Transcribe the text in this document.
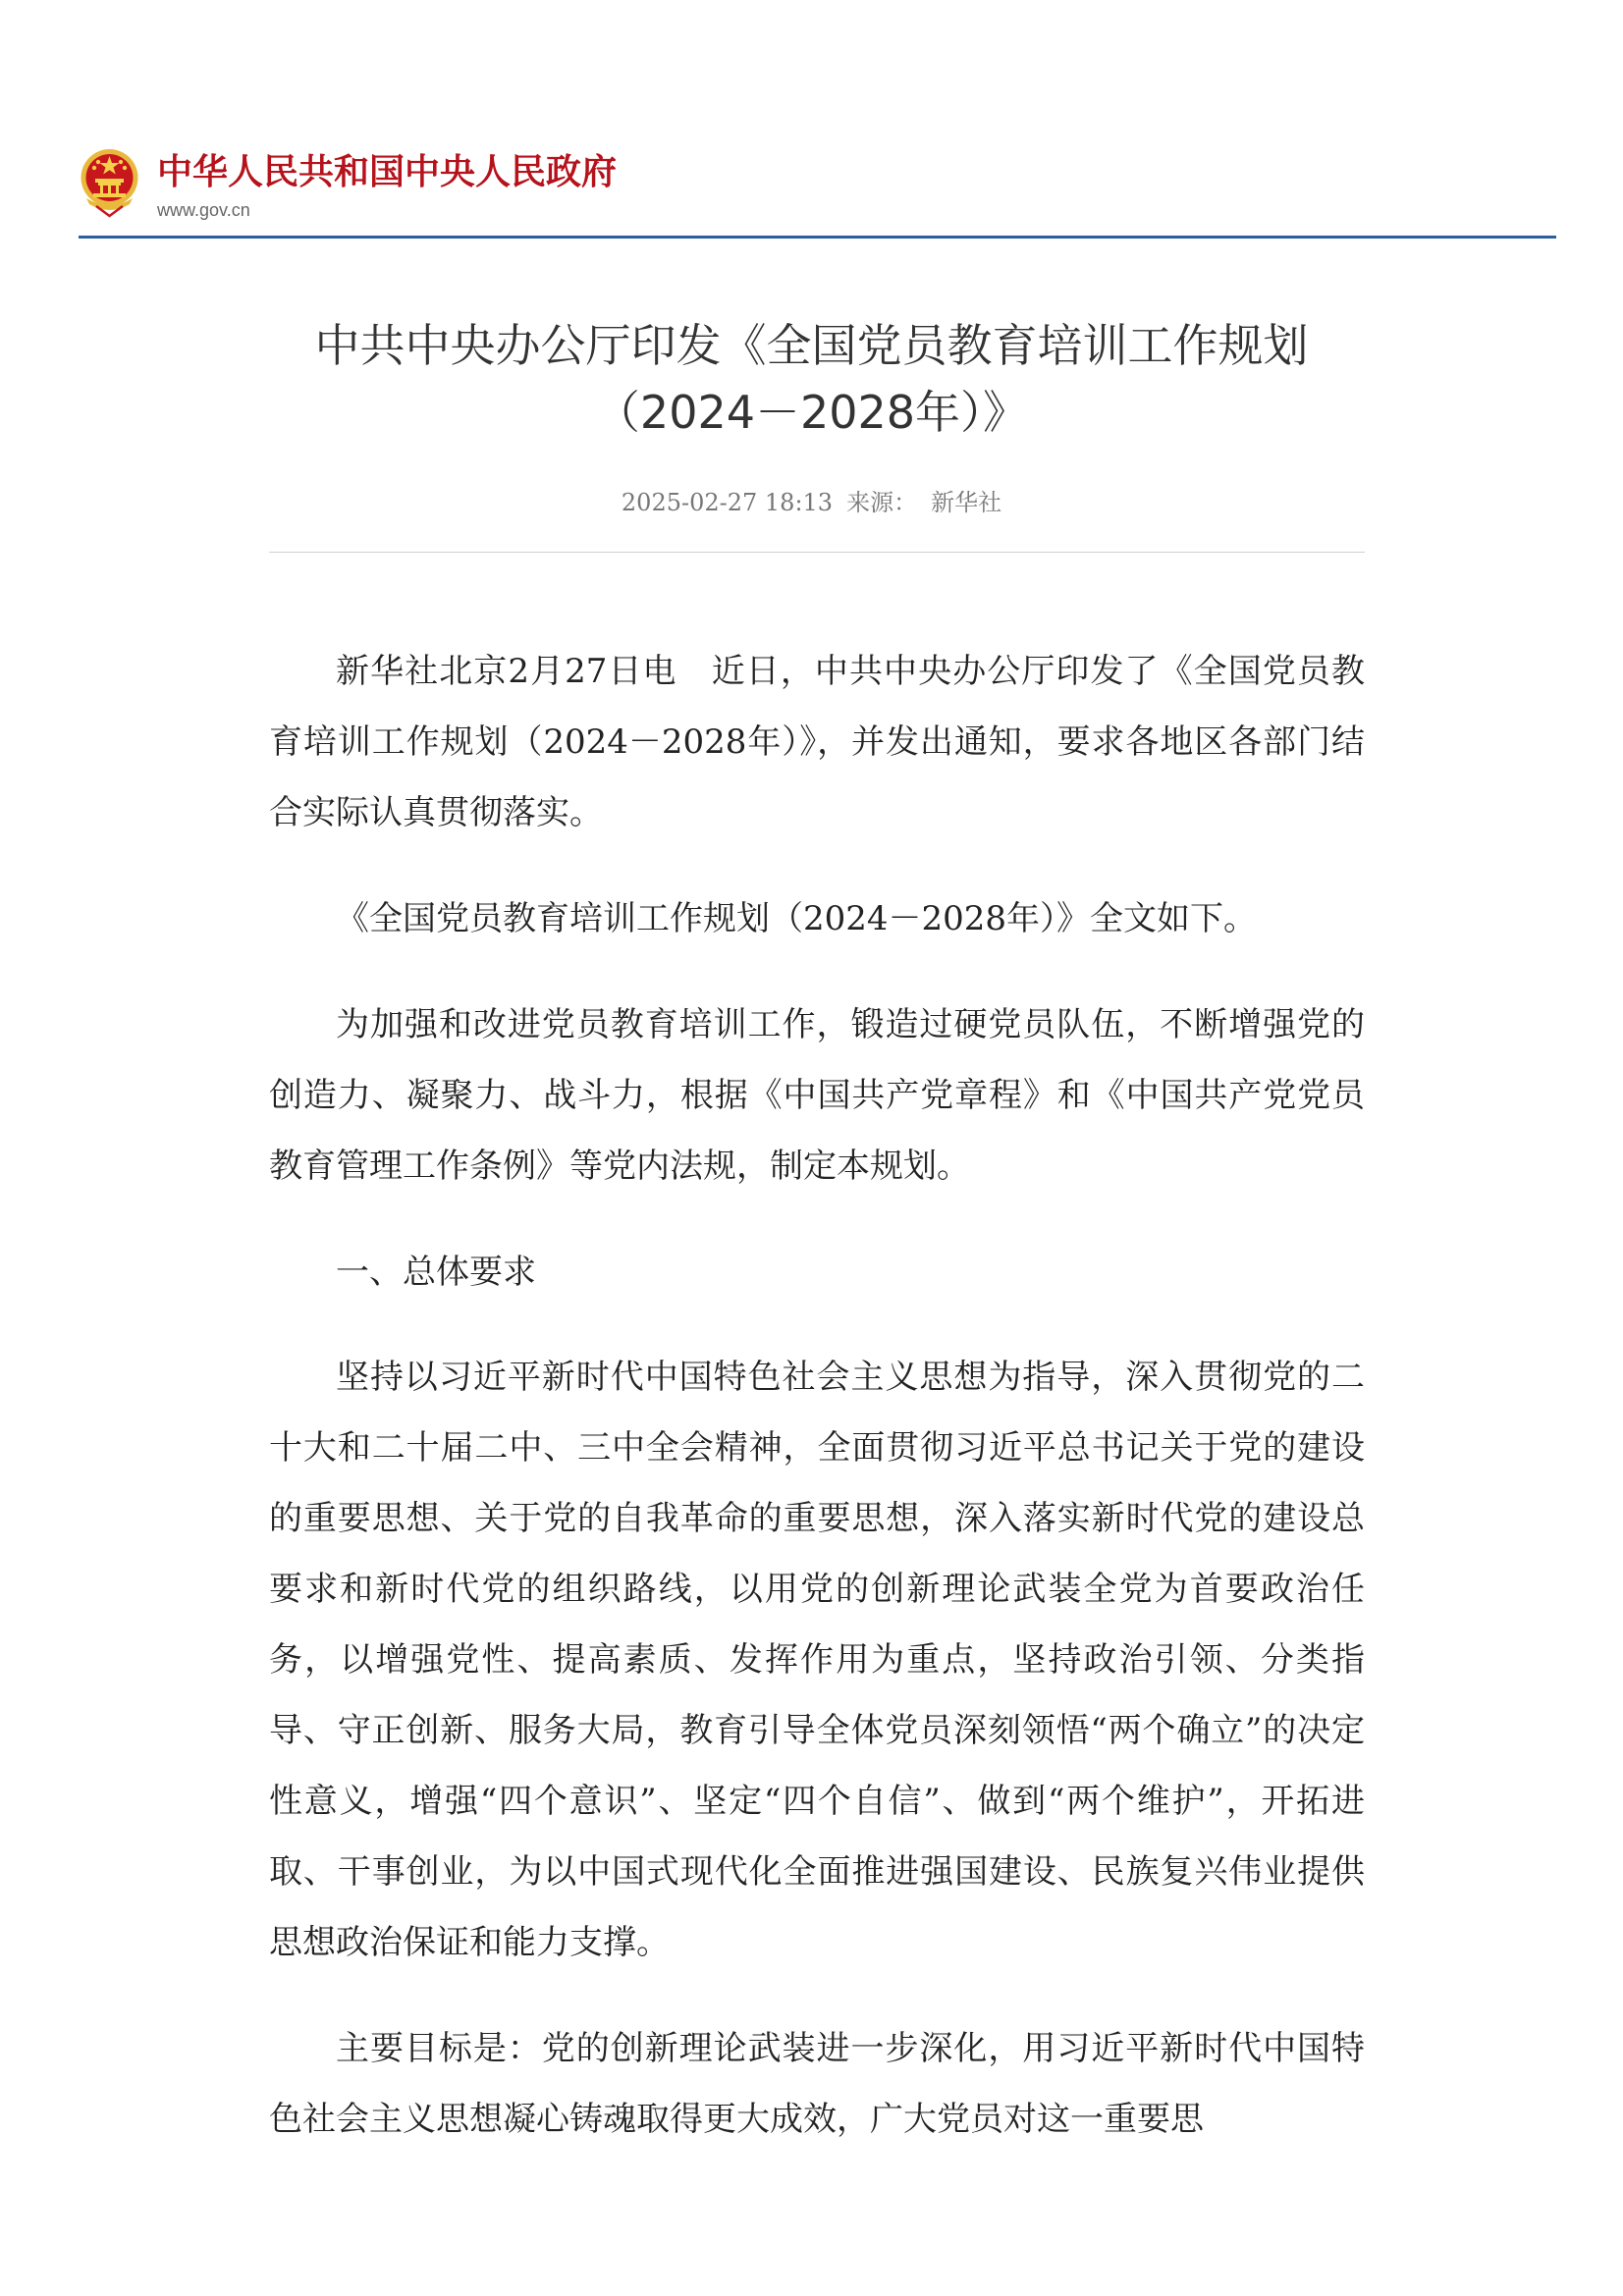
中华人民共和国中央人民政府
www.gov.cn
中共中央办公厅印发《全国党员教育培训工作规划
（2024－2028年）》
2025-02-27 18:13 来源： 新华社

新华社北京2月27日电　近日，中共中央办公厅印发了《全国党员教育培训工作规划（2024－2028年）》，并发出通知，要求各地区各部门结合实际认真贯彻落实。

《全国党员教育培训工作规划（2024－2028年）》全文如下。

为加强和改进党员教育培训工作，锻造过硬党员队伍，不断增强党的创造力、凝聚力、战斗力，根据《中国共产党章程》和《中国共产党党员教育管理工作条例》等党内法规，制定本规划。

一、总体要求

坚持以习近平新时代中国特色社会主义思想为指导，深入贯彻党的二十大和二十届二中、三中全会精神，全面贯彻习近平总书记关于党的建设的重要思想、关于党的自我革命的重要思想，深入落实新时代党的建设总要求和新时代党的组织路线，以用党的创新理论武装全党为首要政治任务，以增强党性、提高素质、发挥作用为重点，坚持政治引领、分类指导、守正创新、服务大局，教育引导全体党员深刻领悟“两个确立”的决定性意义，增强“四个意识”、坚定“四个自信”、做到“两个维护”，开拓进取、干事创业，为以中国式现代化全面推进强国建设、民族复兴伟业提供思想政治保证和能力支撑。

主要目标是：党的创新理论武装进一步深化，用习近平新时代中国特色社会主义思想凝心铸魂取得更大成效，广大党员对这一重要思
